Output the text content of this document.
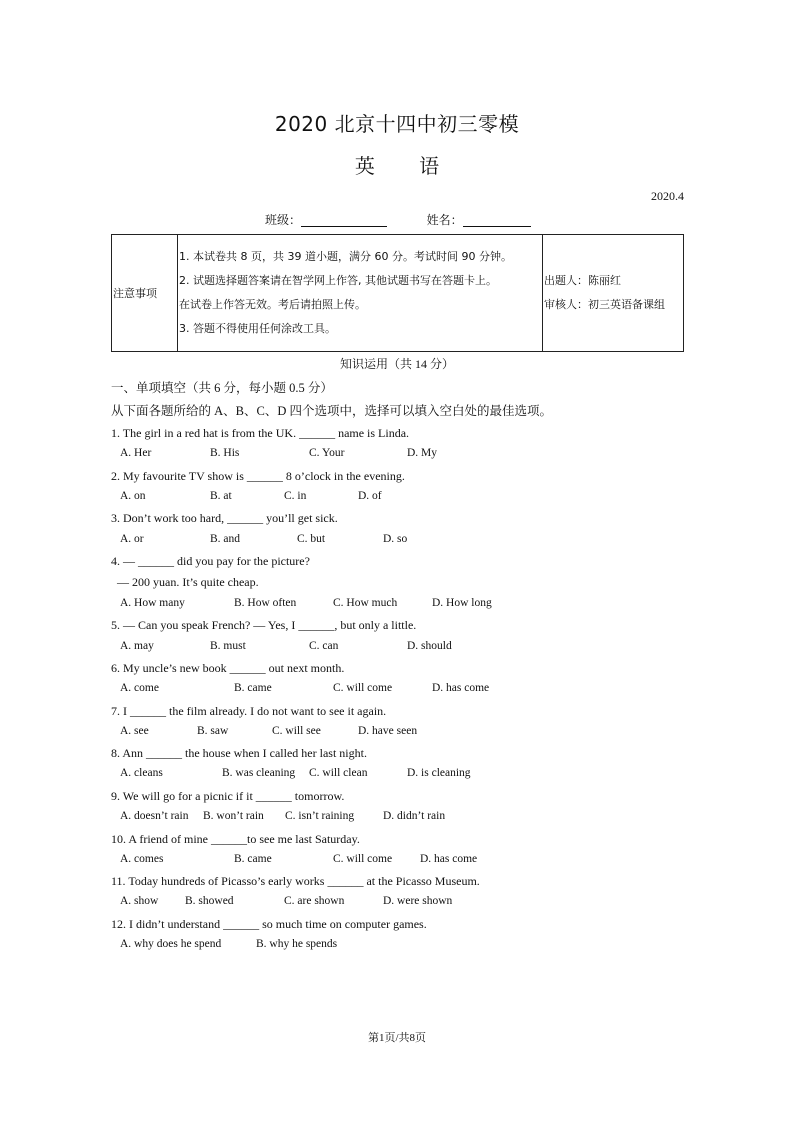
2020 北京十四中初三零模
英 语
2020.4
班级：	姓名：
注意事项	
1. 本试卷共 8 页，共 39 道小题，满分 60 分。考试时间 90 分钟。
2. 试题选择题答案请在智学网上作答, 其他试题书写在答题卡上。
在试卷上作答无效。考后请拍照上传。
3. 答题不得使用任何涂改工具。

出题人：陈丽红
审核人：初三英语备课组
知识运用（共 14 分）
一、单项填空（共 6 分，每小题 0.5 分）
从下面各题所给的 A、B、C、D 四个选项中，选择可以填入空白处的最佳选项。
1. The girl in a red hat is from the UK. ______ name is Linda.
A. Her	B. His	C. Your	D. My
2. My favourite TV show is ______ 8 o’clock in the evening.
A. on	B. at	C. in	D. of
3. Don’t work too hard, ______ you’ll get sick.
A. or	B. and	C. but	D. so
4. — ______ did you pay for the picture?
— 200 yuan. It’s quite cheap.
A. How many	B. How often	C. How much	D. How long
5. — Can you speak French? — Yes, I ______, but only a little.
A. may	B. must	C. can	D. should
6. My uncle’s new book ______ out next month.
A. come	B. came	C. will come	D. has come
7. I ______ the film already. I do not want to see it again.
A. see	B. saw	C. will see	D. have seen
8. Ann ______ the house when I called her last night.
A. cleans	B. was cleaning C. will clean	D. is cleaning
9. We will go for a picnic if it ______ tomorrow.
A. doesn’t rain B. won’t rain C. isn’t raining	D. didn’t rain
10. A friend of mine ______to see me last Saturday.
A. comes	B. came	C. will come D. has come
11. Today hundreds of Picasso’s early works ______ at the Picasso Museum.
A. show B. showed	C. are shown	D. were shown
12. I didn’t understand ______ so much time on computer games.
A. why does he spend	B. why he spends
第1页/共8页
